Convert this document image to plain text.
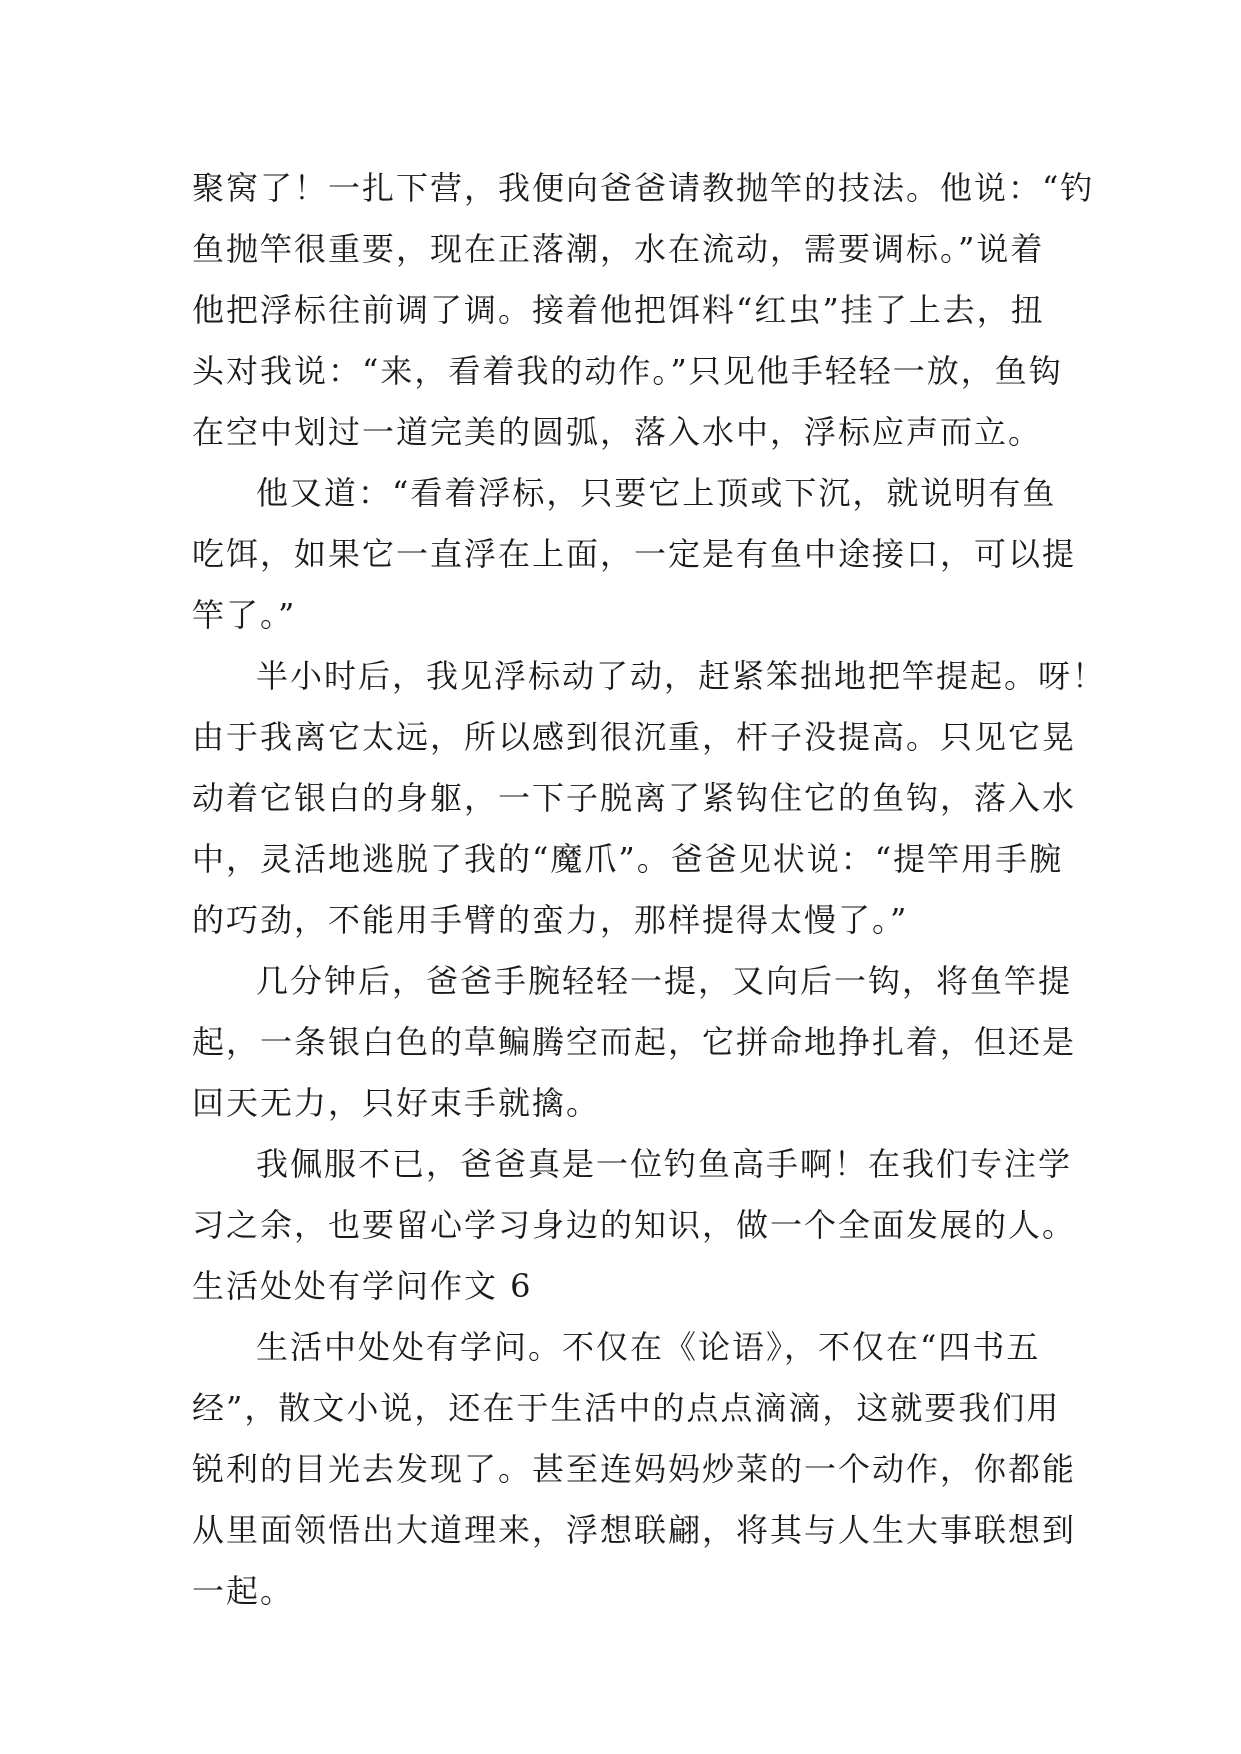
聚窝了！一扎下营，我便向爸爸请教抛竿的技法。他说：“钓
鱼抛竿很重要，现在正落潮，水在流动，需要调标。”说着
他把浮标往前调了调。接着他把饵料“红虫”挂了上去，扭
头对我说：“来，看着我的动作。”只见他手轻轻一放，鱼钩
在空中划过一道完美的圆弧，落入水中，浮标应声而立。

他又道：“看着浮标，只要它上顶或下沉，就说明有鱼
吃饵，如果它一直浮在上面，一定是有鱼中途接口，可以提
竿了。”

半小时后，我见浮标动了动，赶紧笨拙地把竿提起。呀！
由于我离它太远，所以感到很沉重，杆子没提高。只见它晃
动着它银白的身躯，一下子脱离了紧钩住它的鱼钩，落入水
中，灵活地逃脱了我的“魔爪”。爸爸见状说：“提竿用手腕
的巧劲，不能用手臂的蛮力，那样提得太慢了。”

几分钟后，爸爸手腕轻轻一提，又向后一钩，将鱼竿提
起，一条银白色的草鳊腾空而起，它拼命地挣扎着，但还是
回天无力，只好束手就擒。

我佩服不已，爸爸真是一位钓鱼高手啊！在我们专注学
习之余，也要留心学习身边的知识，做一个全面发展的人。

生活处处有学问作文 6

生活中处处有学问。不仅在《论语》，不仅在“四书五
经”，散文小说，还在于生活中的点点滴滴，这就要我们用
锐利的目光去发现了。甚至连妈妈炒菜的一个动作，你都能
从里面领悟出大道理来，浮想联翩，将其与人生大事联想到
一起。
